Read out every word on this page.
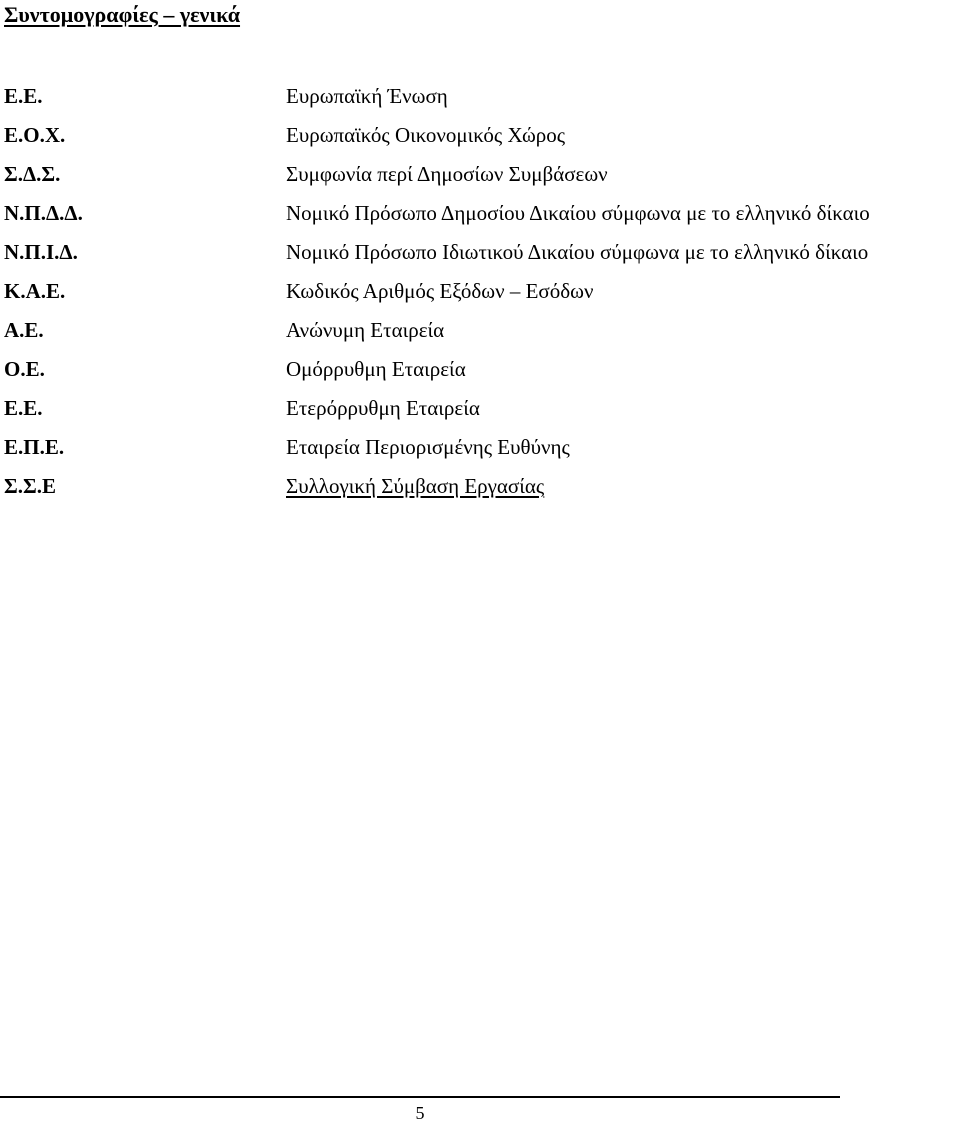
Συντομογραφίες – γενικά
Ε.Ε.	Ευρωπαϊκή Ένωση
Ε.Ο.Χ.	Ευρωπαϊκός Οικονομικός Χώρος
Σ.Δ.Σ.	Συμφωνία περί Δημοσίων Συμβάσεων
Ν.Π.Δ.Δ.	Νομικό Πρόσωπο Δημοσίου Δικαίου σύμφωνα με το ελληνικό δίκαιο
Ν.Π.Ι.Δ.	Νομικό Πρόσωπο Ιδιωτικού Δικαίου σύμφωνα με το ελληνικό δίκαιο
Κ.Α.Ε.	Κωδικός Αριθμός Εξόδων – Εσόδων
Α.Ε.	Ανώνυμη Εταιρεία
Ο.Ε.	Ομόρρυθμη Εταιρεία
Ε.Ε.	Ετερόρρυθμη Εταιρεία
Ε.Π.Ε.	Εταιρεία Περιορισμένης Ευθύνης
Σ.Σ.Ε	Συλλογική Σύμβαση Εργασίας
5
